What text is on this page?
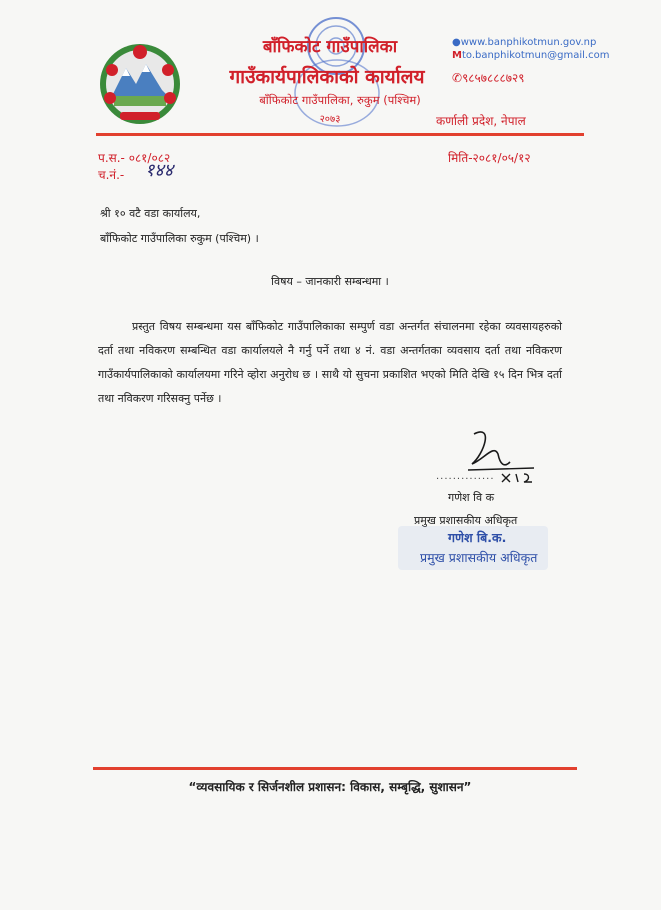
बाँफिकोट गाउँपालिका
गाउँकार्यपालिकाको कार्यालय
बाँफिकोट गाउँपालिका, रुकुम (पश्चिम)
२०७३
●www.banphikotmun.gov.np
Mto.banphikotmun@gmail.com
✆९८५७८८८७२९
कर्णाली प्रदेश, नेपाल
प.स.- ०८१/०८२
च.नं.- १४४
मिति-२०८१/०५/१२
श्री १० वटै वडा कार्यालय,
बाँफिकोट गाउँपालिका रुकुम (पश्चिम) ।
विषय – जानकारी सम्बन्धमा ।
प्रस्तुत विषय सम्बन्धमा यस बाँफिकोट गाउँपालिकाका सम्पुर्ण वडा अन्तर्गत संचालनमा रहेका व्यवसायहरुको दर्ता तथा नविकरण सम्बन्धित वडा कार्यालयले नै गर्नु पर्ने तथा ४ नं. वडा अन्तर्गतका व्यवसाय दर्ता तथा नविकरण गाउँकार्यपालिकाको कार्यालयमा गरिने व्होरा अनुरोध छ । साथै यो सुचना प्रकाशित भएको मिति देखि १५ दिन भित्र दर्ता तथा नविकरण गरिसक्नु पर्नेछ ।
..............
गणेश वि क
प्रमुख प्रशासकीय अधिकृत
गणेश बि.क.
प्रमुख प्रशासकीय अधिकृत
“व्यवसायिक र सिर्जनशील प्रशासन: विकास, सम्बृद्धि, सुशासन”
